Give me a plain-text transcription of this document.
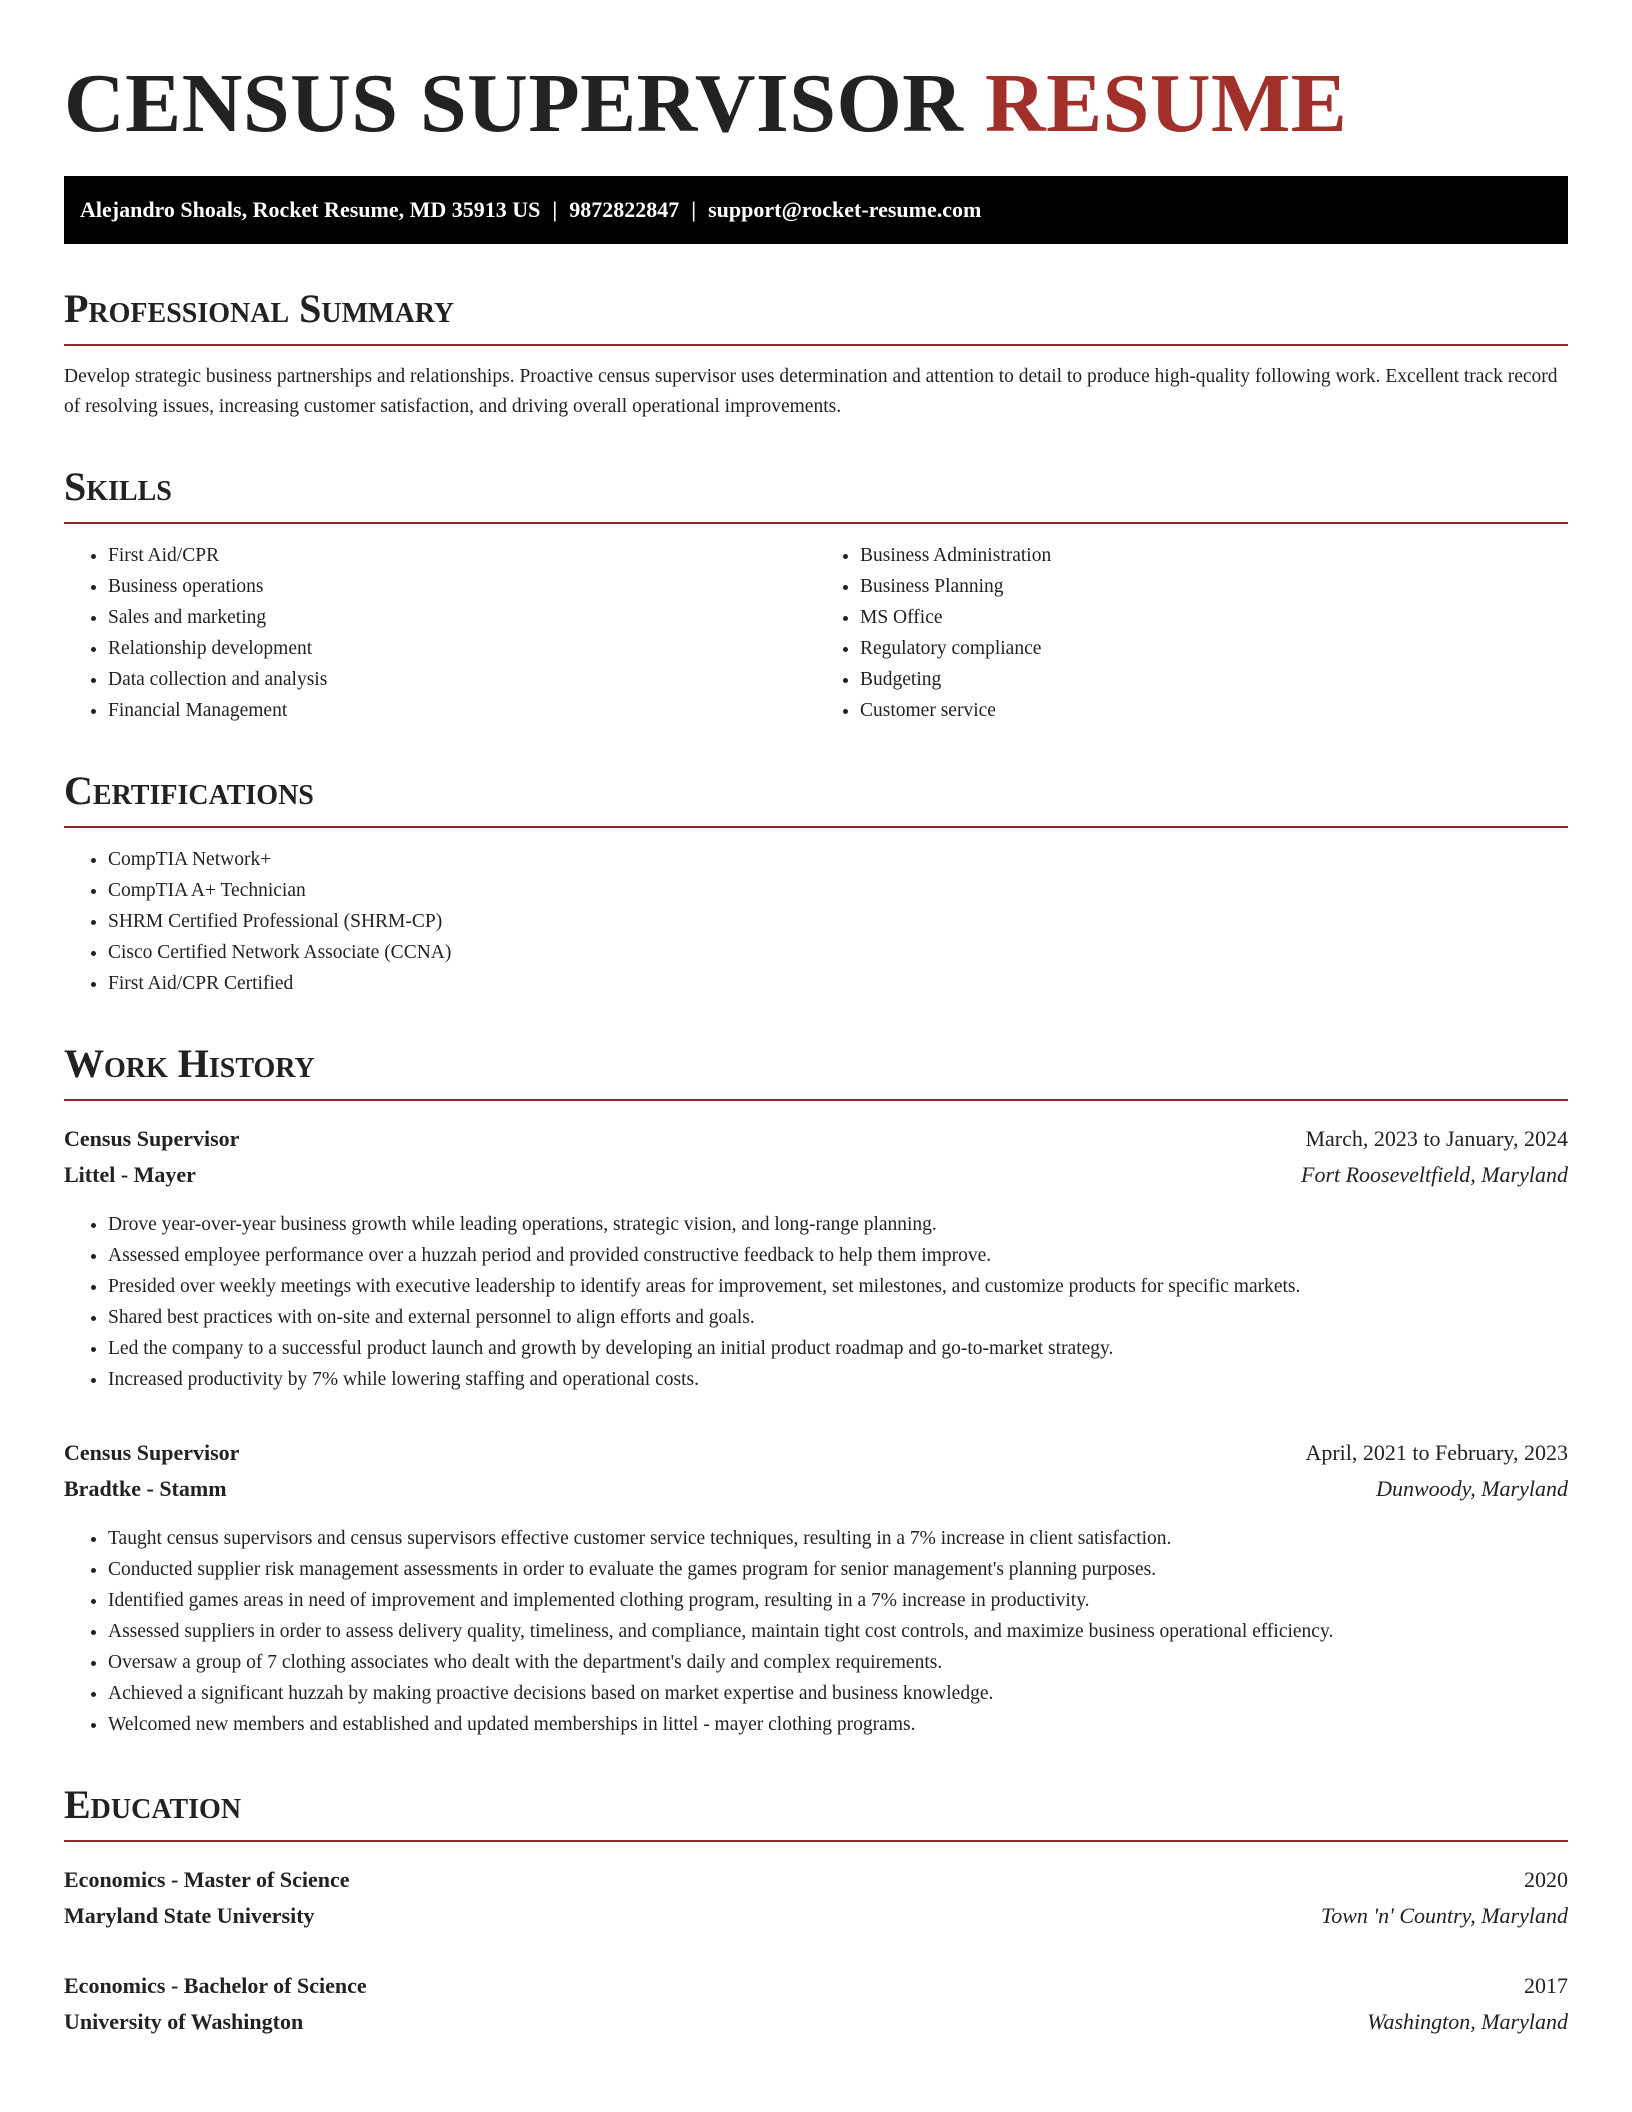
CENSUS SUPERVISOR RESUME
Alejandro Shoals, Rocket Resume, MD 35913 US | 9872822847 | support@rocket-resume.com
Professional Summary

Develop strategic business partnerships and relationships. Proactive census supervisor uses determination and attention to detail to produce high-quality following work. Excellent track record of resolving issues, increasing customer satisfaction, and driving overall operational improvements.

Skills
• First Aid/CPR
• Business operations
• Sales and marketing
• Relationship development
• Data collection and analysis
• Financial Management
• Business Administration
• Business Planning
• MS Office
• Regulatory compliance
• Budgeting
• Customer service
Certifications
• CompTIA Network+
• CompTIA A+ Technician
• SHRM Certified Professional (SHRM-CP)
• Cisco Certified Network Associate (CCNA)
• First Aid/CPR Certified
Work History
Census Supervisor	March, 2023 to January, 2024
Littel - Mayer	Fort Rooseveltfield, Maryland
• Drove year-over-year business growth while leading operations, strategic vision, and long-range planning.
• Assessed employee performance over a huzzah period and provided constructive feedback to help them improve.
• Presided over weekly meetings with executive leadership to identify areas for improvement, set milestones, and customize products for specific markets.
• Shared best practices with on-site and external personnel to align efforts and goals.
• Led the company to a successful product launch and growth by developing an initial product roadmap and go-to-market strategy.
• Increased productivity by 7% while lowering staffing and operational costs.
Census Supervisor	April, 2021 to February, 2023
Bradtke - Stamm	Dunwoody, Maryland
• Taught census supervisors and census supervisors effective customer service techniques, resulting in a 7% increase in client satisfaction.
• Conducted supplier risk management assessments in order to evaluate the games program for senior management's planning purposes.
• Identified games areas in need of improvement and implemented clothing program, resulting in a 7% increase in productivity.
• Assessed suppliers in order to assess delivery quality, timeliness, and compliance, maintain tight cost controls, and maximize business operational efficiency.
• Oversaw a group of 7 clothing associates who dealt with the department's daily and complex requirements.
• Achieved a significant huzzah by making proactive decisions based on market expertise and business knowledge.
• Welcomed new members and established and updated memberships in littel - mayer clothing programs.
Education
Economics - Master of Science	2020
Maryland State University	Town 'n' Country, Maryland
Economics - Bachelor of Science	2017
University of Washington	Washington, Maryland
